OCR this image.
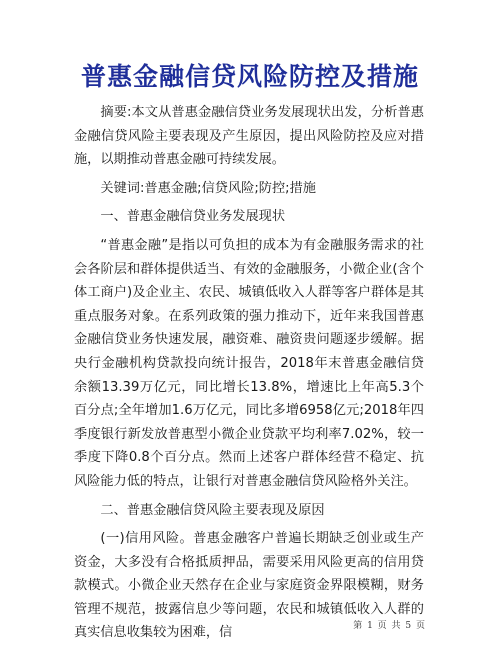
普惠金融信贷风险防控及措施

摘要:本文从普惠金融信贷业务发展现状出发，分析普惠金融信贷风险主要表现及产生原因，提出风险防控及应对措施，以期推动普惠金融可持续发展。

关键词:普惠金融;信贷风险;防控;措施

一、普惠金融信贷业务发展现状

“普惠金融”是指以可负担的成本为有金融服务需求的社会各阶层和群体提供适当、有效的金融服务，小微企业(含个体工商户)及企业主、农民、城镇低收入人群等客户群体是其重点服务对象。在系列政策的强力推动下，近年来我国普惠金融信贷业务快速发展，融资难、融资贵问题逐步缓解。据央行金融机构贷款投向统计报告，2018年末普惠金融信贷余额13.39万亿元，同比增长13.8%，增速比上年高5.3个百分点;全年增加1.6万亿元，同比多增6958亿元;2018年四季度银行新发放普惠型小微企业贷款平均利率7.02%，较一季度下降0.8个百分点。然而上述客户群体经营不稳定、抗风险能力低的特点，让银行对普惠金融信贷风险格外关注。

二、普惠金融信贷风险主要表现及原因

(一)信用风险。普惠金融客户普遍长期缺乏创业或生产资金，大多没有合格抵质押品，需要采用风险更高的信用贷款模式。小微企业天然存在企业与家庭资金界限模糊，财务管理不规范，披露信息少等问题，农民和城镇低收入人群的真实信息收集较为困难，信	第 1 页 共 5 页
